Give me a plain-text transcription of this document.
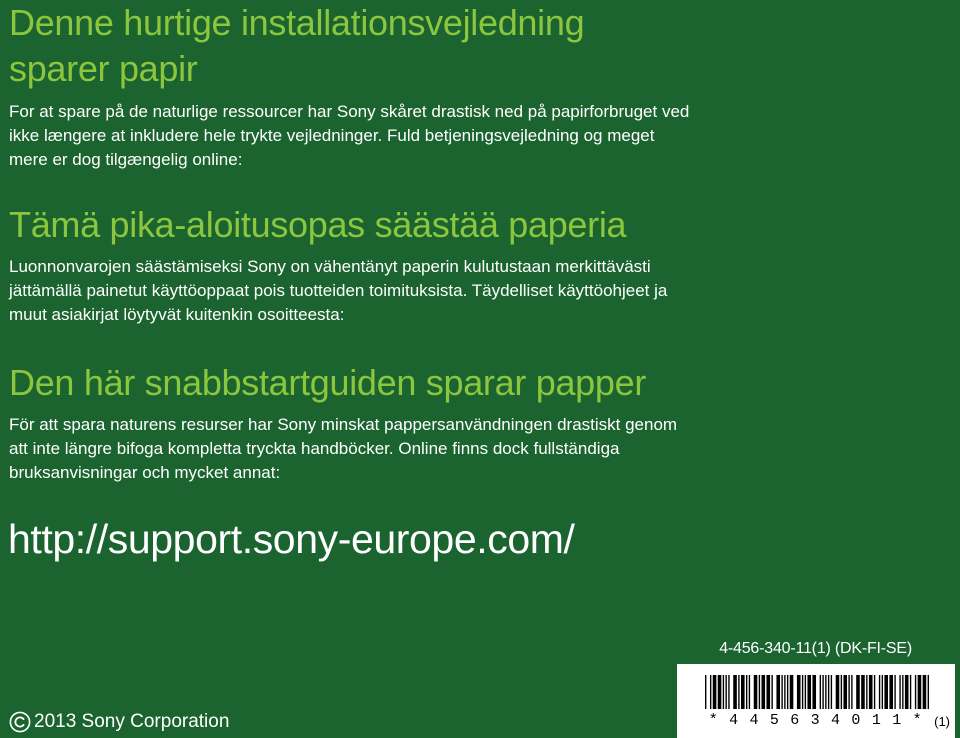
Denne hurtige installationsvejledning
sparer papir
For at spare på de naturlige ressourcer har Sony skåret drastisk ned på papirforbruget ved
ikke længere at inkludere hele trykte vejledninger. Fuld betjeningsvejledning og meget
mere er dog tilgængelig online:
Tämä pika-aloitusopas säästää paperia
Luonnonvarojen säästämiseksi Sony on vähentänyt paperin kulutustaan merkittävästi
jättämällä painetut käyttöoppaat pois tuotteiden toimituksista. Täydelliset käyttöohjeet ja
muut asiakirjat löytyvät kuitenkin osoitteesta:
Den här snabbstartguiden sparar papper
För att spara naturens resurser har Sony minskat pappersanvändningen drastiskt genom
att inte längre bifoga kompletta tryckta handböcker. Online finns dock fullständiga
bruksanvisningar och mycket annat:
http://support.sony-europe.com/
4-456-340-11(1) (DK-FI-SE)
* 4 4 5 6 3 4 0 1 1 * (1)
2013 Sony Corporation
